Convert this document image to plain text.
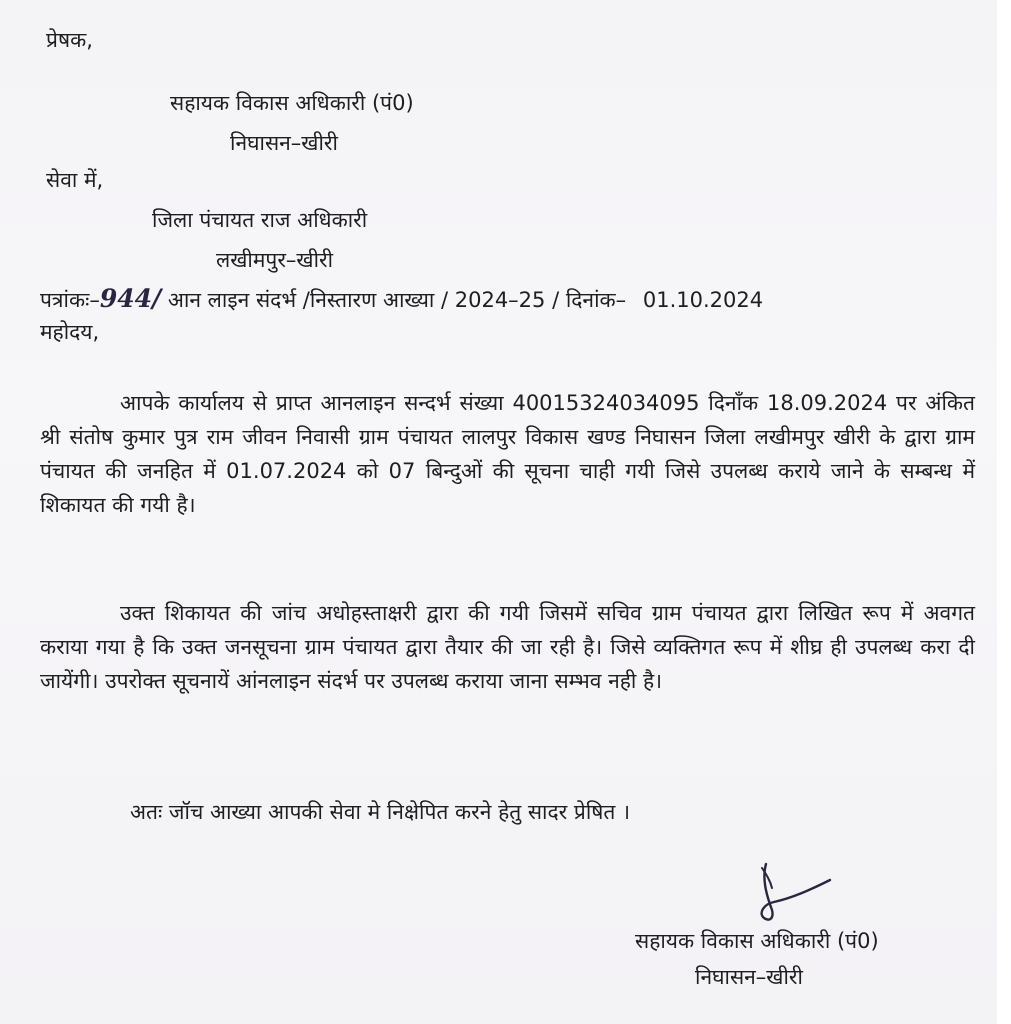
प्रेषक,
सहायक विकास अधिकारी (पं0)
निघासन–खीरी
सेवा में,
जिला पंचायत राज अधिकारी
लखीमपुर–खीरी
पत्रांकः–944/ आन लाइन संदर्भ /निस्तारण आख्या / 2024–25 / दिनांक– 01.10.2024
महोदय,
आपके कार्यालय से प्राप्त आनलाइन सन्दर्भ संख्या 40015324034095 दिनाँक 18.09.2024 पर अंकित श्री संतोष कुमार पुत्र राम जीवन निवासी ग्राम पंचायत लालपुर विकास खण्ड निघासन जिला लखीमपुर खीरी के द्वारा ग्राम पंचायत की जनहित में 01.07.2024 को 07 बिन्दुओं की सूचना चाही गयी जिसे उपलब्ध कराये जाने के सम्बन्ध में शिकायत की गयी है।
उक्त शिकायत की जांच अधोहस्ताक्षरी द्वारा की गयी जिसमें सचिव ग्राम पंचायत द्वारा लिखित रूप में अवगत कराया गया है कि उक्त जनसूचना ग्राम पंचायत द्वारा तैयार की जा रही है। जिसे व्यक्तिगत रूप में शीघ्र ही उपलब्ध करा दी जायेंगी। उपरोक्त सूचनायें आंनलाइन संदर्भ पर उपलब्ध कराया जाना सम्भव नही है।
अतः जॉच आख्या आपकी सेवा मे निक्षेपित करने हेतु सादर प्रेषित ।
सहायक विकास अधिकारी (पं0)
निघासन–खीरी
